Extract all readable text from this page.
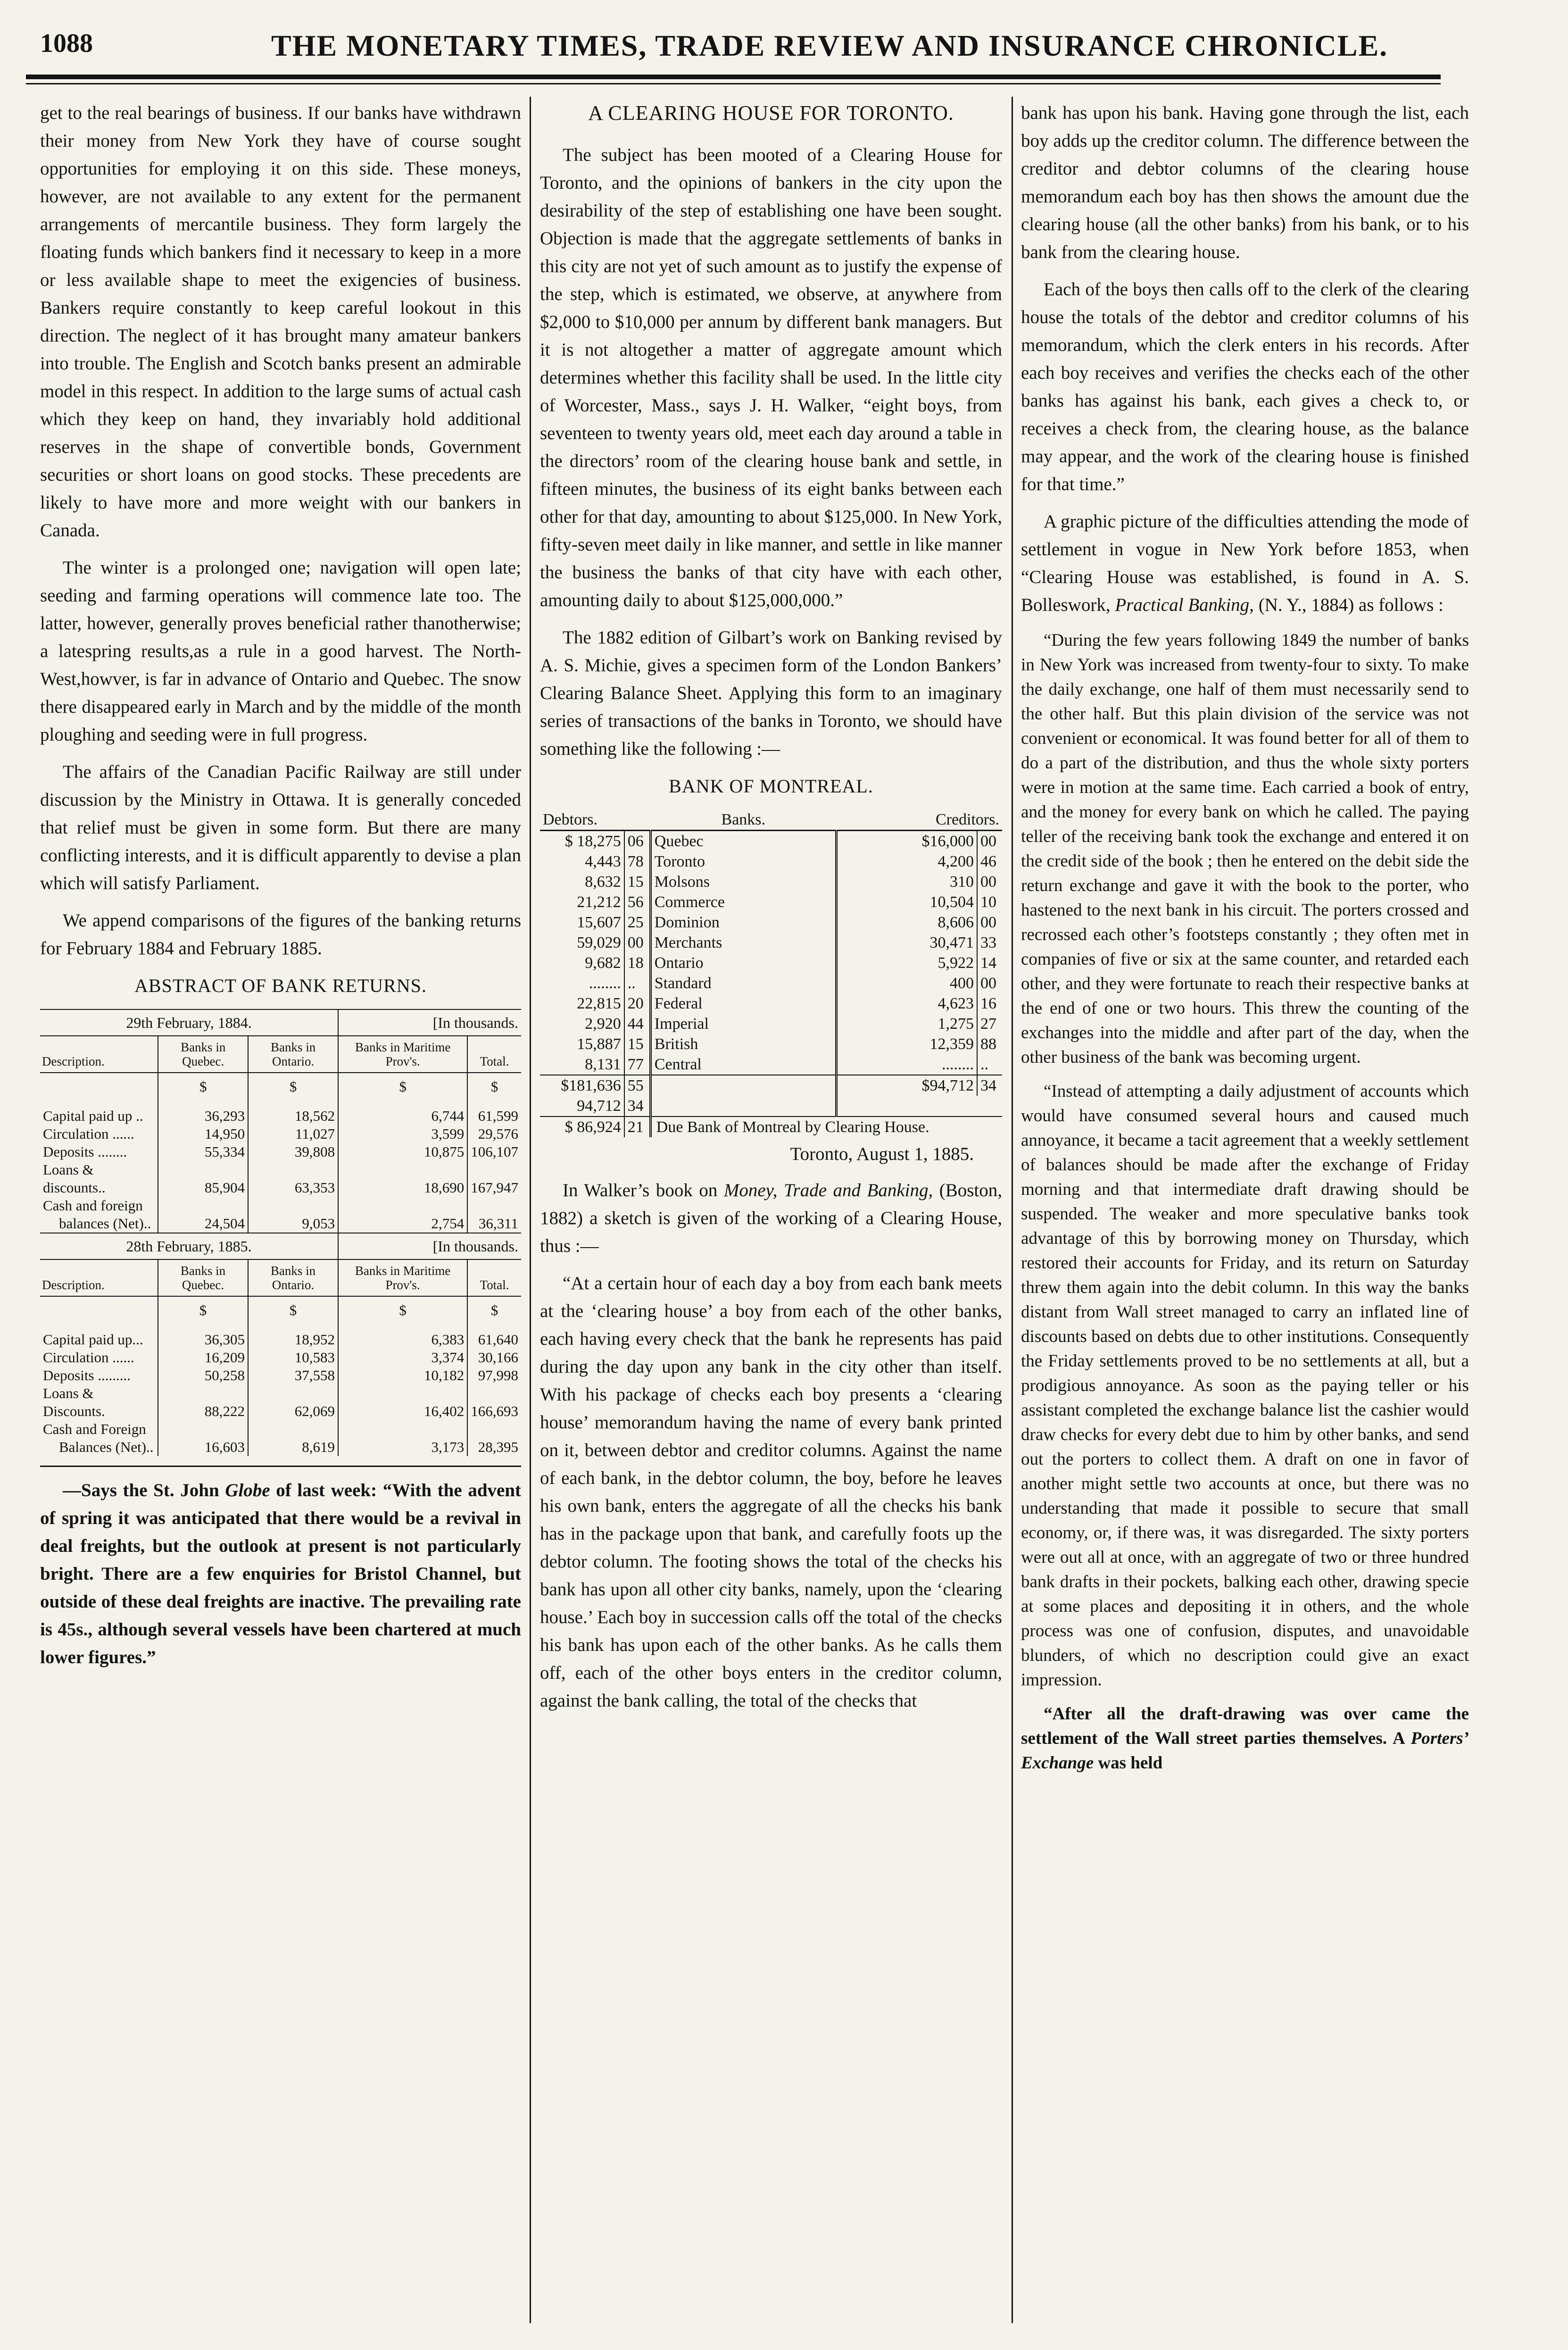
1088	THE MONETARY TIMES, TRADE REVIEW AND INSURANCE CHRONICLE.

get to the real bearings of business. If our banks have withdrawn their money from New York they have of course sought opportunities for employing it on this side. These moneys, however, are not available to any extent for the permanent arrangements of mercantile business. They form largely the floating funds which bankers find it necessary to keep in a more or less available shape to meet the exigencies of business. Bankers require constantly to keep careful lookout in this direction. The neglect of it has brought many amateur bankers into trouble. The English and Scotch banks present an admirable model in this respect. In addition to the large sums of actual cash which they keep on hand, they invariably hold additional reserves in the shape of convertible bonds, Government securities or short loans on good stocks. These precedents are likely to have more and more weight with our bankers in Canada.

The winter is a prolonged one; navigation will open late; seeding and farming operations will commence late too. The latter, however, generally proves beneficial rather thanotherwise; a latespring results,as a rule in a good harvest. The North-West,howver, is far in advance of Ontario and Quebec. The snow there disappeared early in March and by the middle of the month ploughing and seeding were in full progress.

The affairs of the Canadian Pacific Railway are still under discussion by the Ministry in Ottawa. It is generally conceded that relief must be given in some form. But there are many conflicting interests, and it is difficult apparently to devise a plan which will satisfy Parliament.

We append comparisons of the figures of the banking returns for February 1884 and February 1885.

ABSTRACT OF BANK RETURNS.
29th February, 1884.			[In thousands.	
Description.	Banks in Quebec.	Banks in Ontario.	Banks in Maritime Prov's.	Total.
	$	$	$	$

Capital paid up ..	36,293	18,562	6,744	61,599
Circulation ......	14,950	11,027	3,599	29,576
Deposits ........	55,334	39,808	10,875	106,107
Loans & discounts..	85,904	63,353	18,690	167,947
Cash and foreign				
balances (Net)..	24,504	9,053	2,754	36,311
28th February, 1885.			[In thousands.	
Description.	Banks in Quebec.	Banks in Ontario.	Banks in Maritime Prov's.	Total.
	$	$	$	$

Capital paid up...	36,305	18,952	6,383	61,640
Circulation ......	16,209	10,583	3,374	30,166
Deposits .........	50,258	37,558	10,182	97,998
Loans & Discounts.	88,222	62,069	16,402	166,693
Cash and Foreign				
Balances (Net)..	16,603	8,619	3,173	28,395

—Says the St. John Globe of last week: “With the advent of spring it was anticipated that there would be a revival in deal freights, but the outlook at present is not particularly bright. There are a few enquiries for Bristol Channel, but outside of these deal freights are inactive. The prevailing rate is 45s., although several vessels have been chartered at much lower figures.”

A CLEARING HOUSE FOR TORONTO.

The subject has been mooted of a Clearing House for Toronto, and the opinions of bankers in the city upon the desirability of the step of establishing one have been sought. Objection is made that the aggregate settlements of banks in this city are not yet of such amount as to justify the expense of the step, which is estimated, we observe, at anywhere from $2,000 to $10,000 per annum by different bank managers. But it is not altogether a matter of aggregate amount which determines whether this facility shall be used. In the little city of Worcester, Mass., says J. H. Walker, “eight boys, from seventeen to twenty years old, meet each day around a table in the directors’ room of the clearing house bank and settle, in fifteen minutes, the business of its eight banks between each other for that day, amounting to about $125,000. In New York, fifty-seven meet daily in like manner, and settle in like manner the business the banks of that city have with each other, amounting daily to about $125,000,000.”

The 1882 edition of Gilbart’s work on Banking revised by A. S. Michie, gives a specimen form of the London Bankers’ Clearing Balance Sheet. Applying this form to an imaginary series of transactions of the banks in Toronto, we should have something like the following :—

BANK OF MONTREAL.
Debtors.		Banks.	Creditors.	
$ 18,275	06	Quebec	$16,000	00
4,443	78	Toronto	4,200	46
8,632	15	Molsons	310	00
21,212	56	Commerce	10,504	10
15,607	25	Dominion	8,606	00
59,029	00	Merchants	30,471	33
9,682	18	Ontario	5,922	14
........	..	Standard	400	00
22,815	20	Federal	4,623	16
2,920	44	Imperial	1,275	27
15,887	15	British	12,359	88
8,131	77	Central	........	..
$181,636	55		$94,712	34
94,712	34			
$ 86,924	21	Due Bank of Montreal by Clearing House.		
Toronto, August 1, 1885.

In Walker’s book on Money, Trade and Banking, (Boston, 1882) a sketch is given of the working of a Clearing House, thus :—

“At a certain hour of each day a boy from each bank meets at the ‘clearing house’ a boy from each of the other banks, each having every check that the bank he represents has paid during the day upon any bank in the city other than itself. With his package of checks each boy presents a ‘clearing house’ memorandum having the name of every bank printed on it, between debtor and creditor columns. Against the name of each bank, in the debtor column, the boy, before he leaves his own bank, enters the aggregate of all the checks his bank has in the package upon that bank, and carefully foots up the debtor column. The footing shows the total of the checks his bank has upon all other city banks, namely, upon the ‘clearing house.’ Each boy in succession calls off the total of the checks his bank has upon each of the other banks. As he calls them off, each of the other boys enters in the creditor column, against the bank calling, the total of the checks that

bank has upon his bank. Having gone through the list, each boy adds up the creditor column. The difference between the creditor and debtor columns of the clearing house memorandum each boy has then shows the amount due the clearing house (all the other banks) from his bank, or to his bank from the clearing house.

Each of the boys then calls off to the clerk of the clearing house the totals of the debtor and creditor columns of his memorandum, which the clerk enters in his records. After each boy receives and verifies the checks each of the other banks has against his bank, each gives a check to, or receives a check from, the clearing house, as the balance may appear, and the work of the clearing house is finished for that time.”

A graphic picture of the difficulties attending the mode of settlement in vogue in New York before 1853, when “Clearing House was established, is found in A. S. Bolleswork, Practical Banking, (N. Y., 1884) as follows :

“During the few years following 1849 the number of banks in New York was increased from twenty-four to sixty. To make the daily exchange, one half of them must necessarily send to the other half. But this plain division of the service was not convenient or economical. It was found better for all of them to do a part of the distribution, and thus the whole sixty porters were in motion at the same time. Each carried a book of entry, and the money for every bank on which he called. The paying teller of the receiving bank took the exchange and entered it on the credit side of the book ; then he entered on the debit side the return exchange and gave it with the book to the porter, who hastened to the next bank in his circuit. The porters crossed and recrossed each other’s footsteps constantly ; they often met in companies of five or six at the same counter, and retarded each other, and they were fortunate to reach their respective banks at the end of one or two hours. This threw the counting of the exchanges into the middle and after part of the day, when the other business of the bank was becoming urgent.

“Instead of attempting a daily adjustment of accounts which would have consumed several hours and caused much annoyance, it became a tacit agreement that a weekly settlement of balances should be made after the exchange of Friday morning and that intermediate draft drawing should be suspended. The weaker and more speculative banks took advantage of this by borrowing money on Thursday, which restored their accounts for Friday, and its return on Saturday threw them again into the debit column. In this way the banks distant from Wall street managed to carry an inflated line of discounts based on debts due to other institutions. Consequently the Friday settlements proved to be no settlements at all, but a prodigious annoyance. As soon as the paying teller or his assistant completed the exchange balance list the cashier would draw checks for every debt due to him by other banks, and send out the porters to collect them. A draft on one in favor of another might settle two accounts at once, but there was no understanding that made it possible to secure that small economy, or, if there was, it was disregarded. The sixty porters were out all at once, with an aggregate of two or three hundred bank drafts in their pockets, balking each other, drawing specie at some places and depositing it in others, and the whole process was one of confusion, disputes, and unavoidable blunders, of which no description could give an exact impression.

“After all the draft-drawing was over came the settlement of the Wall street parties themselves. A Porters’ Exchange was held
